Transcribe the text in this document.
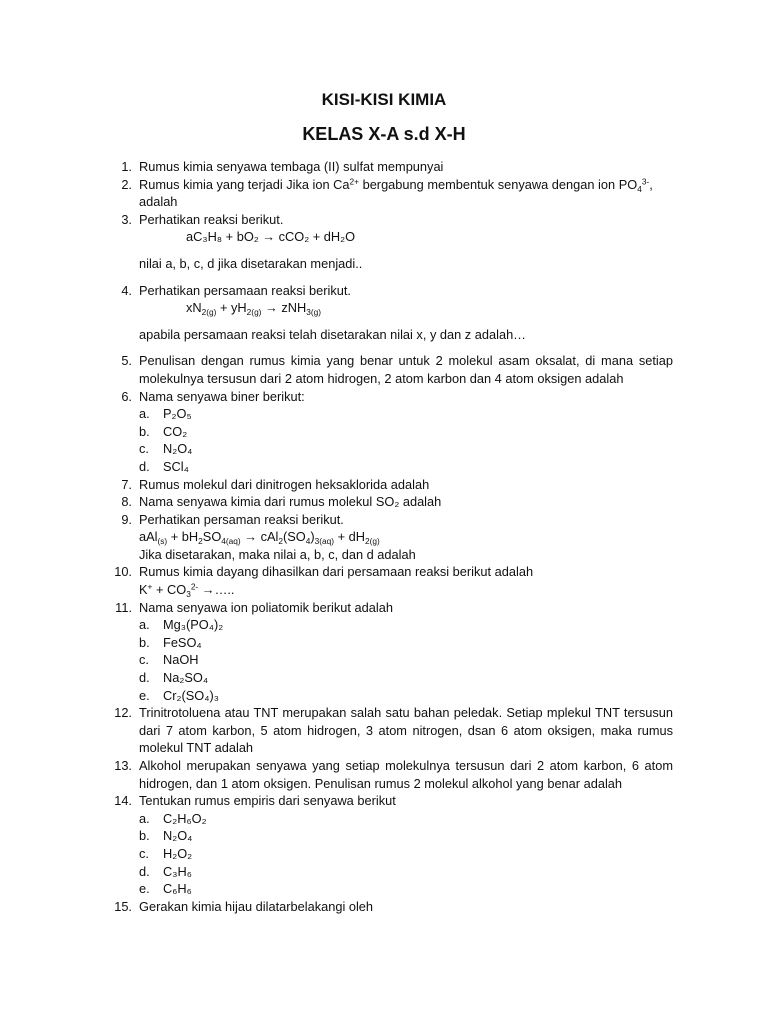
KISI-KISI KIMIA
KELAS X-A s.d X-H
1. Rumus kimia senyawa tembaga (II) sulfat mempunyai
2. Rumus kimia yang terjadi Jika ion $Ca^{2+}$ bergabung membentuk senyawa dengan ion $PO_4^{3-}$,
adalah
3. Perhatikan reaksi berikut.
aC₃H₈ + bO₂ → cCO₂ + dH₂O
nilai a, b, c, d jika disetarakan menjadi..
4. Perhatikan persamaan reaksi berikut.
$xN_{2(g)} + yH_{2(g)} \to zNH_{3(g)}$
apabila persamaan reaksi telah disetarakan nilai x, y dan z adalah…
5. Penulisan dengan rumus kimia yang benar untuk 2 molekul asam oksalat, di mana setiap molekulnya tersusun dari 2 atom hidrogen, 2 atom karbon dan 4 atom oksigen adalah
6. Nama senyawa biner berikut:
a. P₂O₅
b. CO₂
c. N₂O₄
d. SCl₄
7. Rumus molekul dari dinitrogen heksaklorida adalah
8. Nama senyawa kimia dari rumus molekul SO₂ adalah
9. Perhatikan persaman reaksi berikut.
$aAl_{(s)} + bH_2SO_{4(aq)} \to cAl_2(SO_4)_{3(aq)} + dH_{2(g)}$
Jika disetarakan, maka nilai a, b, c, dan d adalah
10. Rumus kimia dayang dihasilkan dari persamaan reaksi berikut adalah
$K^+ + CO_3^{2-}$ →…..
11. Nama senyawa ion poliatomik berikut adalah
a. Mg₃(PO₄)₂
b. FeSO₄
c. NaOH
d. Na₂SO₄
e. Cr₂(SO₄)₃
12. Trinitrotoluena atau TNT merupakan salah satu bahan peledak. Setiap mplekul TNT tersusun dari 7 atom karbon, 5 atom hidrogen, 3 atom nitrogen, dsan 6 atom oksigen, maka rumus molekul TNT adalah
13. Alkohol merupakan senyawa yang setiap molekulnya tersusun dari 2 atom karbon, 6 atom hidrogen, dan 1 atom oksigen. Penulisan rumus 2 molekul alkohol yang benar adalah
14. Tentukan rumus empiris dari senyawa berikut
a. C₂H₆O₂
b. N₂O₄
c. H₂O₂
d. C₃H₆
e. C₆H₆
15. Gerakan kimia hijau dilatarbelakangi oleh
